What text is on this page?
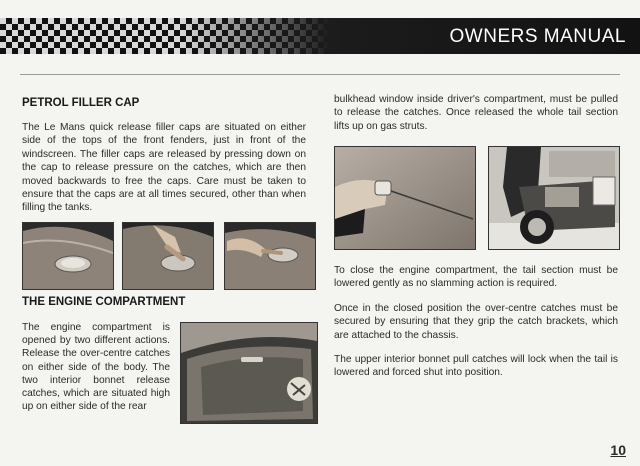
OWNERS MANUAL
PETROL FILLER CAP
The Le Mans quick release filler caps are situated on either side of the tops of the front fenders, just in front of the windscreen. The filler caps are released by pressing down on the cap to release pressure on the catches, which are then moved backwards to free the caps. Care must be taken to ensure that the caps are at all times secured, other than when filling the tanks.
THE ENGINE COMPARTMENT
The engine compartment is opened by two different actions. Release the over-centre catches on either side of the body. The two interior bonnet release catches, which are situated high up on either side of the rear
bulkhead window inside driver's compartment, must be pulled to release the catches. Once released the whole tail section lifts up on gas struts.
To close the engine compartment, the tail section must be lowered gently as no slamming action is required.
Once in the closed position the over-centre catches must be secured by ensuring that they grip the catch brackets, which are attached to the chassis.
The upper interior bonnet pull catches will lock when the tail is lowered and forced shut into position.
10
